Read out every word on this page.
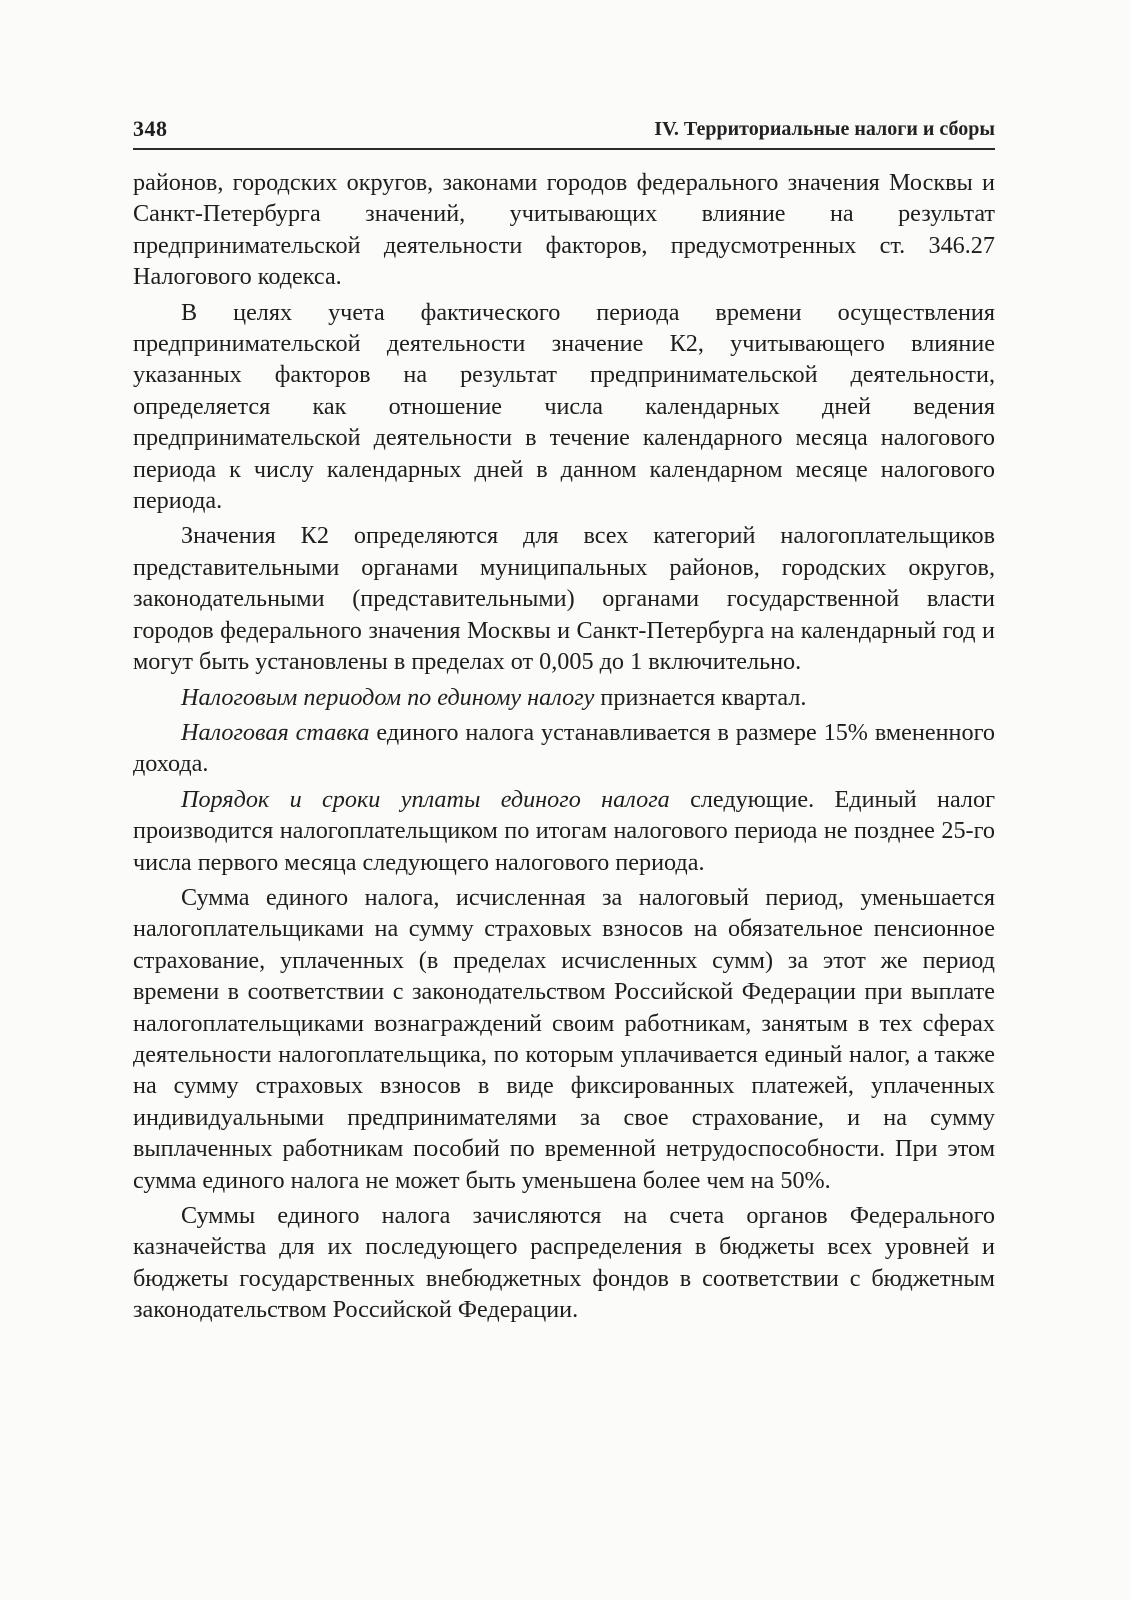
348	IV. Территориальные налоги и сборы

районов, городских округов, законами городов федерального значения Москвы и Санкт-Петербурга значений, учитывающих влияние на результат предпринимательской деятельности факторов, предусмотренных ст. 346.27 Налогового кодекса.

В целях учета фактического периода времени осуществления предпринимательской деятельности значение К2, учитывающего влияние указанных факторов на результат предпринимательской деятельности, определяется как отношение числа календарных дней ведения предпринимательской деятельности в течение календарного месяца налогового периода к числу календарных дней в данном календарном месяце налогового периода.

Значения К2 определяются для всех категорий налогоплательщиков представительными органами муниципальных районов, городских округов, законодательными (представительными) органами государственной власти городов федерального значения Москвы и Санкт-Петербурга на календарный год и могут быть установлены в пределах от 0,005 до 1 включительно.

Налоговым периодом по единому налогу признается квартал.

Налоговая ставка единого налога устанавливается в размере 15% вмененного дохода.

Порядок и сроки уплаты единого налога следующие. Единый налог производится налогоплательщиком по итогам налогового периода не позднее 25-го числа первого месяца следующего налогового периода.

Сумма единого налога, исчисленная за налоговый период, уменьшается налогоплательщиками на сумму страховых взносов на обязательное пенсионное страхование, уплаченных (в пределах исчисленных сумм) за этот же период времени в соответствии с законодательством Российской Федерации при выплате налогоплательщиками вознаграждений своим работникам, занятым в тех сферах деятельности налогоплательщика, по которым уплачивается единый налог, а также на сумму страховых взносов в виде фиксированных платежей, уплаченных индивидуальными предпринимателями за свое страхование, и на сумму выплаченных работникам пособий по временной нетрудоспособности. При этом сумма единого налога не может быть уменьшена более чем на 50%.

Суммы единого налога зачисляются на счета органов Федерального казначейства для их последующего распределения в бюджеты всех уровней и бюджеты государственных внебюджетных фондов в соответствии с бюджетным законодательством Российской Федерации.
